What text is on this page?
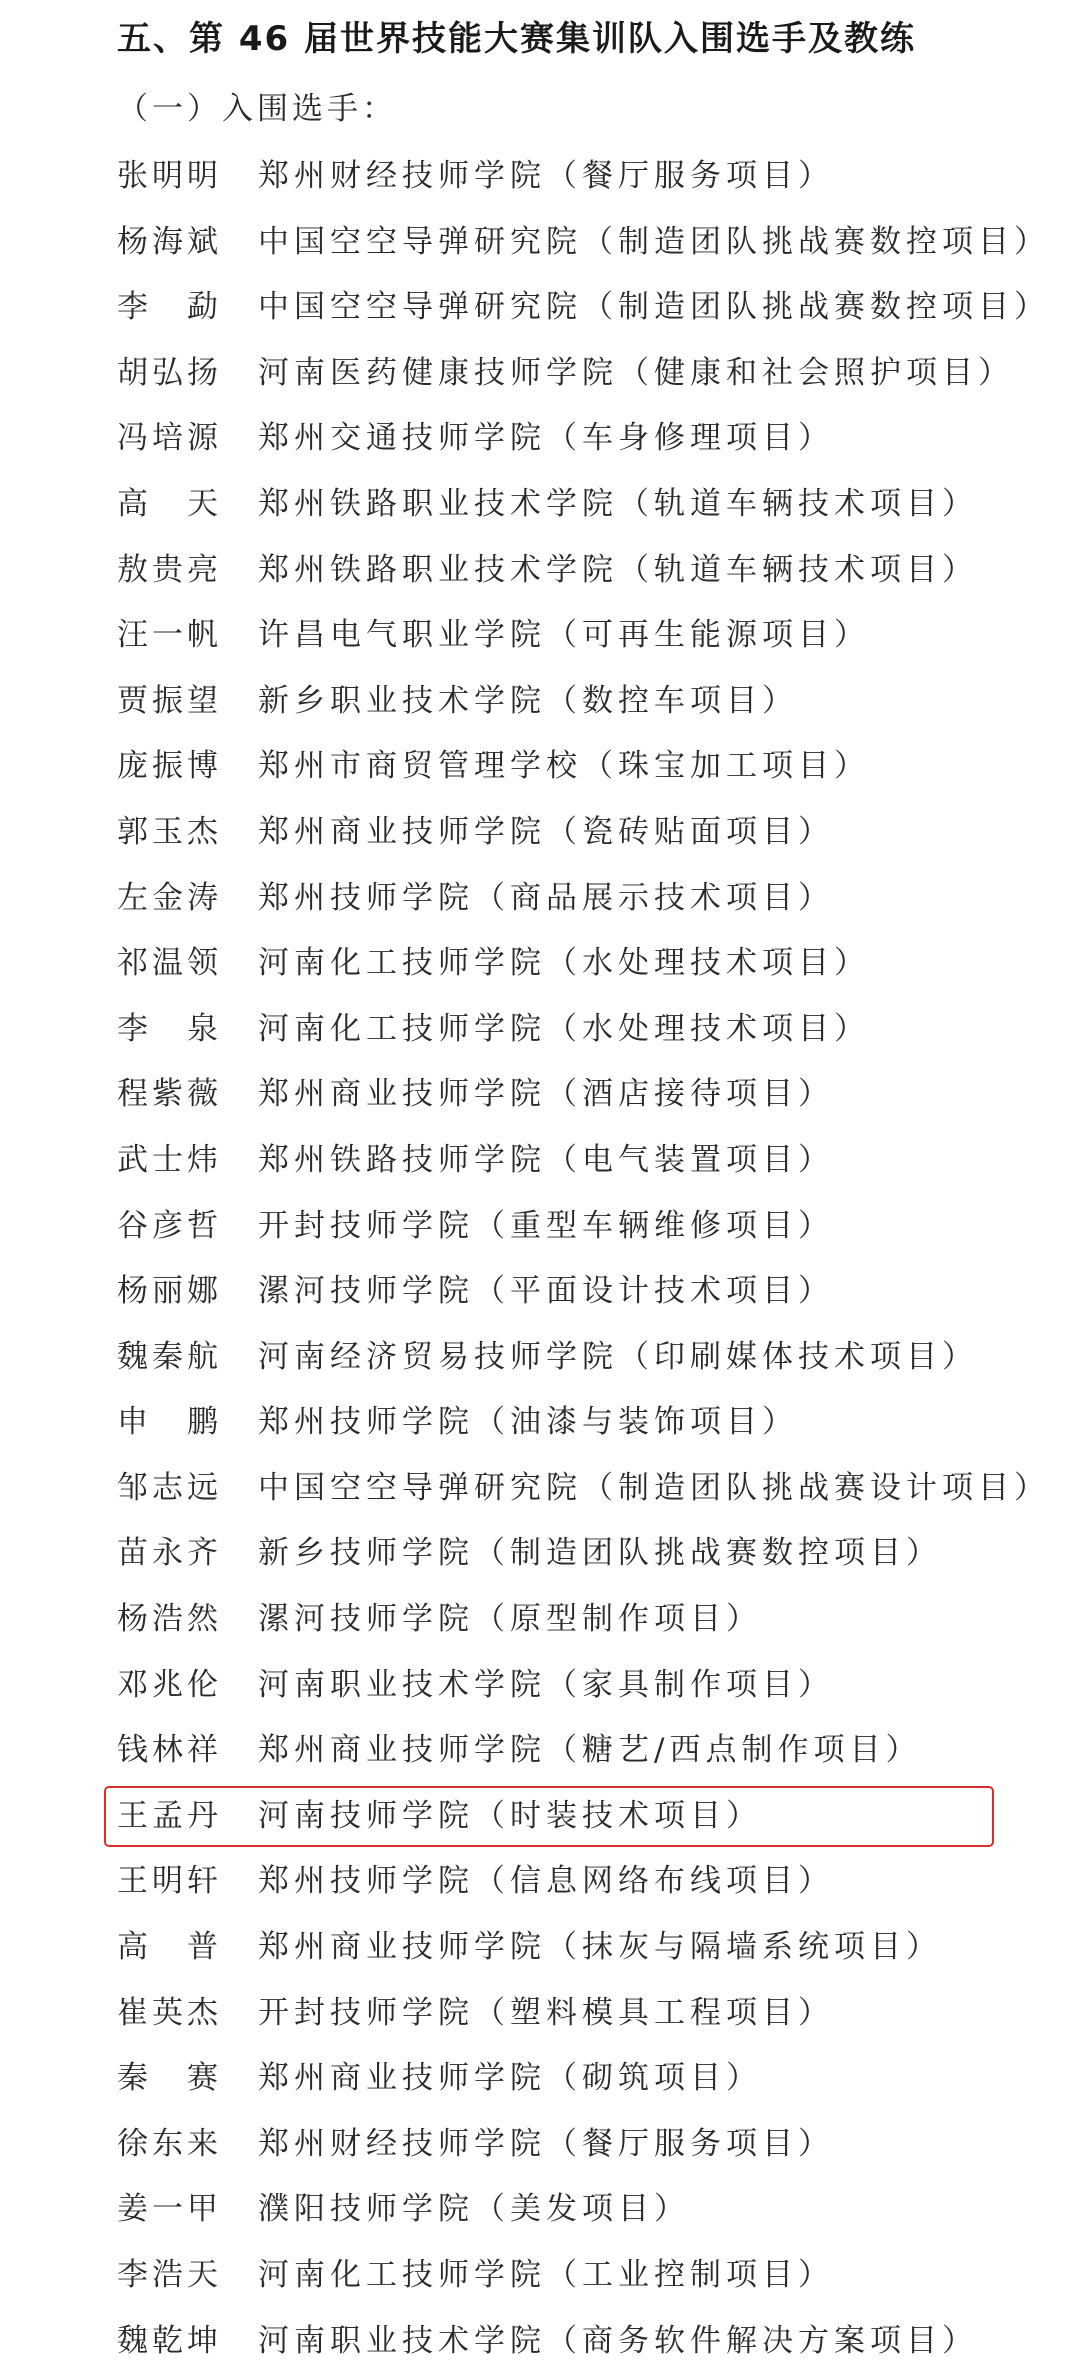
五、第 46 届世界技能大赛集训队入围选手及教练
（一）入围选手：
张明明 郑州财经技师学院（餐厅服务项目）
杨海斌 中国空空导弹研究院（制造团队挑战赛数控项目）
李　勐 中国空空导弹研究院（制造团队挑战赛数控项目）
胡弘扬 河南医药健康技师学院（健康和社会照护项目）
冯培源 郑州交通技师学院（车身修理项目）
高　天 郑州铁路职业技术学院（轨道车辆技术项目）
敖贵亮 郑州铁路职业技术学院（轨道车辆技术项目）
汪一帆 许昌电气职业学院（可再生能源项目）
贾振望 新乡职业技术学院（数控车项目）
庞振博 郑州市商贸管理学校（珠宝加工项目）
郭玉杰 郑州商业技师学院（瓷砖贴面项目）
左金涛 郑州技师学院（商品展示技术项目）
祁温领 河南化工技师学院（水处理技术项目）
李　泉 河南化工技师学院（水处理技术项目）
程紫薇 郑州商业技师学院（酒店接待项目）
武士炜 郑州铁路技师学院（电气装置项目）
谷彦哲 开封技师学院（重型车辆维修项目）
杨丽娜 漯河技师学院（平面设计技术项目）
魏秦航 河南经济贸易技师学院（印刷媒体技术项目）
申　鹏 郑州技师学院（油漆与装饰项目）
邹志远 中国空空导弹研究院（制造团队挑战赛设计项目）
苗永齐 新乡技师学院（制造团队挑战赛数控项目）
杨浩然 漯河技师学院（原型制作项目）
邓兆伦 河南职业技术学院（家具制作项目）
钱林祥 郑州商业技师学院（糖艺/西点制作项目）
王孟丹 河南技师学院（时装技术项目）
王明轩 郑州技师学院（信息网络布线项目）
高　普 郑州商业技师学院（抹灰与隔墙系统项目）
崔英杰 开封技师学院（塑料模具工程项目）
秦　赛 郑州商业技师学院（砌筑项目）
徐东来 郑州财经技师学院（餐厅服务项目）
姜一甲 濮阳技师学院（美发项目）
李浩天 河南化工技师学院（工业控制项目）
魏乾坤 河南职业技术学院（商务软件解决方案项目）
